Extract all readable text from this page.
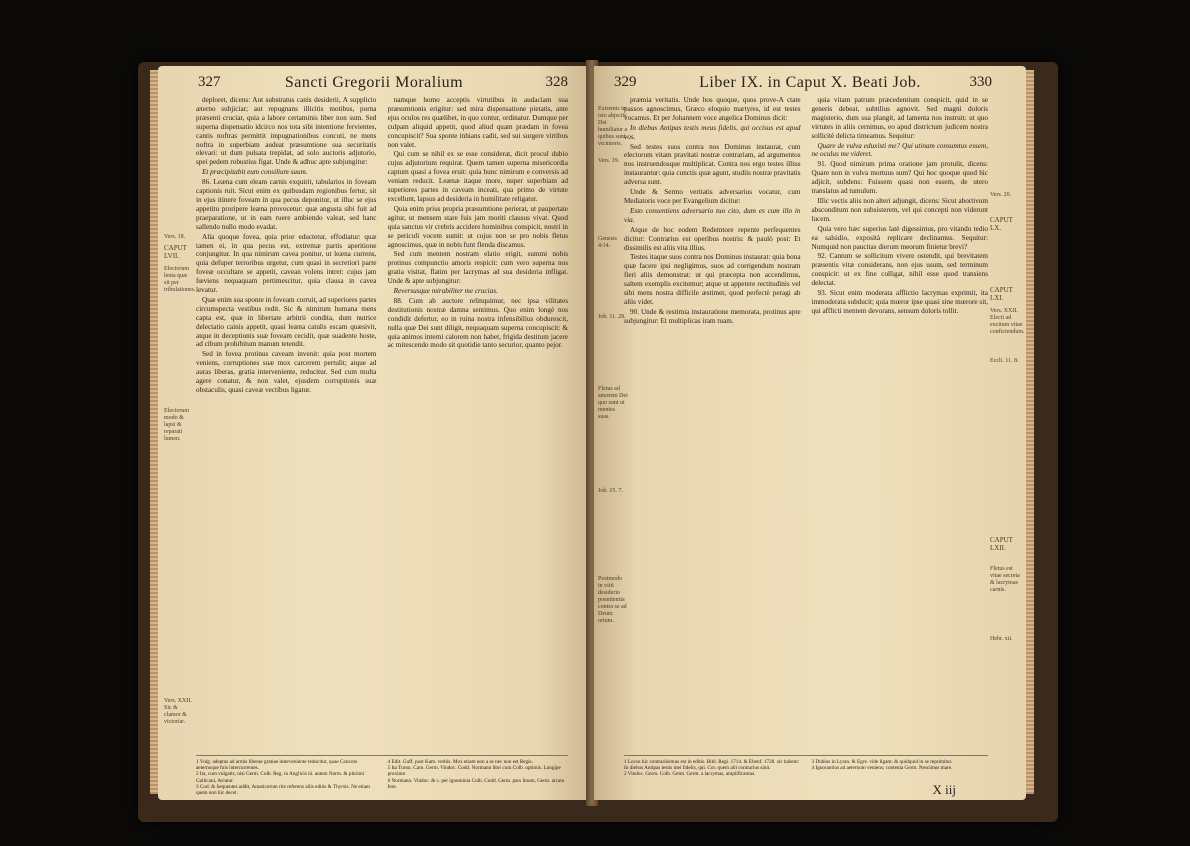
327	Sancti Gregorii Moralium	328
Vers. 18.
CAPUT LVII.
Electorum lenta quæ sit per tribulationes.
Electorum modo & lapsi & reparati lumen.
Vers. XXII. Sic & clamor & victoriæ.

deploret, dicens: Aut substratus canis desiderii, A supplicio æterno subjiciar; aut repugnans illicitis motibus, porna præsenti cruciar, quia a labore certaminis liber non sum. Sed superna dispensatio idcirco nos tota sibi intentione fervientes, cantis noftras permittit impugnationibus concuti, ne mens noftra in superbiam audeat præsumtione sua securitatis elevari: ut dum pulsata trepidat, ad solo auctoris adjutorio, spei pedem robustius figat. Unde & adhuc apte subjungitur:

Et præcipitabit eum consilium suum.

86. Leæna cum eleam carnis exquirit, tabularios in foveam captionis ruit. Sicut enim ex quibusdam regionibus fertur, sit in ejus itinere foveam in qua pecus deponitur, ut illuc se ejus appetitu proripere leæna provocetur: quæ angusta sibi fuit ad praeparatione, ut in eam ruere ambiendo valeat, sed hanc sallendo nullo modo evadat.

Alia quoque fovea, quia prior eductetur, effodiatur: quæ tamen ei, in qua pecus est, extremæ partis aperitione conjungitur. In qua nimirum cavea ponitur, ut leæna currens, quia defuper terroribus urgetur, cum quasi in secretiori parte foveæ occultare se appetit, cavean volens intret: cujus jam fœviens nequaquam pertimescitur, quia clausa in cavea levatur.

Quæ enim sua sponte in foveam corruit, ad superiores partes circumspecta vestibus redit. Sic & nimirum humana mens capta est, quæ in libertate arbitrii condita, dum nutrice delectatio cainis appetit, quasi leæna catulis escam quæsivit, atque in deceptionis suæ foveam cecidit, quæ suadente hoste, ad cibum prohibitum manum tetendit.

Sed in fovea protinus caveam invenit: quia post mortem veniens, corruptiones suæ mox carcerem pertulit; atque ad auras liberas, gratia interveniente, reducitur. Sed cum multa agere conatur, & non valet, ejusdem corruptionis suæ obstaculis, quasi caveæ vectibus ligatur.

namque homo acceptis virtutibus in audaciam sua præsumtionis erigitur: sed mira dispensatione pietatis, ante ejus oculos res quælibet, in quo contur, ordinatur. Dumque per culpam aliquid appetit, quod aliud quam prædam in fovea concupiscit? Sua sponte inhians cadit, sed sui surgere virtibus non valet.

Qui cum se nihil ex se esse considerat, dicit procul dubio cujus adjutorium requirat. Quem tamen superna misericordia captum quasi a fovea eruit: quia hunc nimirum e conversis ad veniam reducit. Leænæ itaque more, nuper superbiam ad superiores partes in caveam inceati, qua primo de virtute excellunt, lapsus ad desideria in humilitate religatur.

Quia enim prius propria præsumtione perierat, ut paupertate agitur, ut mensem stare fuis jam moriti clausus vivat. Quod quia sanctus vir crebris accidere hominibus conspicit, nostri in se periculi vocem sumit: ut cujus non se pro nobis fletus agnoscimus, quæ in nobis funt flenda discamus.

Sed cum mentem nostram elatio erigit, summi nobis protinus compunctio amoris respicit: cum vero superna nos gratia visitat, flatim per lacrymas ad sua desideria infligat. Unde & apte subjungitur:

Reversusque mirabiliter me crucias.

88. Cum ab auctore relinquimur, nec ipsa vilitates destitutionis nostræ damna sentimus. Quo enim longè nos condidit defertur, eo in ruina nostra infensibilius obdurescit, nulla quæ Dei sunt diligit, nequaquam superna concupiscit: & quia animos interni calorem non habet, frigida destitum jacere ac mitescendo modo sit quotidie tanto securior, quanto pejor.

1 Vulg. adeptus ad armis liberae gratiae interveniente reducitur, quae Concors aeternoque fuis intercurrentes.
2 Ita, cum vulgatis, nisi Germ. Colb. Reg. in Anglicis iii. autem Norm. & plurimi Gallicani, Aviatur.
3 Cod. & Sequentes addit, Amaticorum rite referens aliis editis & Thyrsis. Ne etiam quem non hic decet.
4 Edit. Guff. post Kam. verbis. Mox etiam non a se nec non est Regis.
5 Ita Turon. Carn. Germ. Vindoc. Codd. Normann libri cum Colb. optimis. Longipe proxime.
6 Normann. Vindoc. & c. per ignominia Colb. Codd. Germ. pars linum, Germ. arcam fere.
329	Liber IX. in Caput X. Beati Job.	330
Extremis in isto abjectis Dei humiliatur a quibus sunt vicinioris.
Vers. 19.
Genesis 4:14.
Job. 11. 28.
Job. 15. 7.
Fletus ad amorem Dei quo sunt ut mentes suas.
Postmodo in vitii desiderio poenitentia contra se ad Deum ortum.
Vers. 20.
CAPUT LX.
CAPUT LXI.
Vers. XXII. Electi ad excitum vitae conficiendum.
Eccli. 11. 8.
CAPUT LXII.
Fletus est vitae secreta & lacrymas carnis.
Hebr. xii.

præmia veritatis. Unde hos quoque, quos prove-A ctate passos agnoscimus, Græco eloquio martyres, id est testes vocamus. Et per Johannem voce angelica Dominus dicit:

In diebus Antipas testis meus fidelis, qui occisus est apud vos.

Sed testes suos contra nos Dominus instaurat, cum electorum vitam pravitati nostræ contrariam, ad argumentos nos instruendosque multiplicat. Contra nos ergo testes illius instaurantur: quia cunctis quæ agunt, studiis nostræ pravitatis adversa sunt.

Unde & Sermo veritatis adversarius vocatur, cum Mediatoris voce per Evangelium dicitur:

Esto consentiens adversario tuo cito, dum es cum illo in via.

Atque de hoc eodem Redemtore repente perfequentes dicitur: Contrarius est operibus nostris: & paulò post: Et dissimilis est aliis vita illius.

Testes itaque suos contra nos Dominus instaurat: quia bona quæ facere ipsi negligimus, suos ad corrigendum nostram fieri aliis demonstrat: ut qui præcepta non accendimus, saltem exemplis excitemur; atque ut appetere rectitudinis vel sibi mens nostra difficile æstimet, quod perfectè peragi ab aliis videt.

90. Unde & restimia instauratione memorata, protinus apte subjungitur: Et multiplicas iram tuam.

quia vitam patrum præcedentium conspicit, quid in se generis debeat, subtilius agnovit. Sed magni doloris magisterio, dum sua plangit, ad lamenta nos instruit: ut quo virtutes in aliis cernimus, eo apud districtum judicem nostra sollicitè delicta timeamus. Sequitur:

Quare de vulva eduxisti me? Qui utinam consumtus essem, ne oculus me videret.

91. Quod nimirum prima oratione jam protulit, dicens: Quare non in vulva mortuus sum? Qui hoc quoque quod hic adjicit, subdens: Fuissem quasi non essem, de utero translatus ad tumulum.

Illic vectis aliis non alteri adjungit, dicens: Sicut abortivum absconditum non subsisterem, vel qui concepti non viderunt lucem.

Quia vero hæc superius latè digessimus, pro vitando tedio ea salsidio, exposità replicare declinamus. Sequitur: Numquid non paucitas dierum meorum finietur brevi?

92. Cantum se sollicitum vivere ostendit, qui brevitatem præsentis vitæ considerans, non ejus usum, sed terminum conspicit: ut ex fine colligat, nihil esse quod transiens delectat.

93. Sicut enim moderata afflictio lacrymas exprimit, ita immoderata subducit; quia mœror ipse quasi sine mœrore sit, qui afflicti mentem devorans, sensum doloris tollit.

1 Locus hic contrariisimus est in editis. Bibl. Regi. 1714. & Ebenf. 1728. sic habent: In diebus Antipas testis mei fidelis, qui. Cor. quem alii contrarius sinit.
2 Vindoc. Germ. Colb. Gemt. Germ. a lacrymas, amplificamus.
3 Dubius in Lyran. & Egre. vide ligam: & quidquid in se reprimitur.
4 Ignorantius ad aeternum veniens; contenta Germ. Nescimus mare.
X iij
